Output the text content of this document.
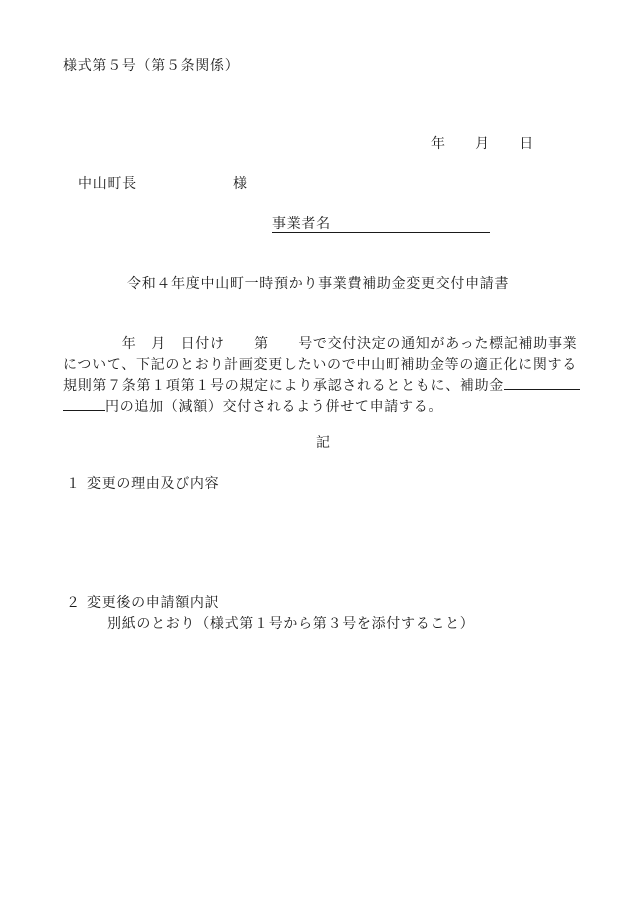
様式第５号（第５条関係）
年　　月　　日
中山町長	様
事業者名
令和４年度中山町一時預かり事業費補助金変更交付申請書
　　　　年　月　日付け　　第　　号で交付決定の通知があった標記補助事業
について、下記のとおり計画変更したいので中山町補助金等の適正化に関する
規則第７条第１項第１号の規定により承認されるとともに、補助金
円の追加（減額）交付されるよう併せて申請する。
記
１ 変更の理由及び内容
２ 変更後の申請額内訳
別紙のとおり（様式第１号から第３号を添付すること）
